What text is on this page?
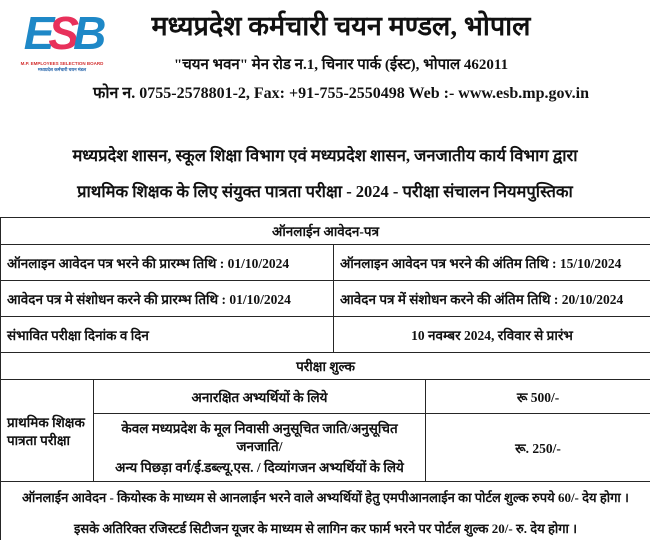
ESB
M.P. EMPLOYEES SELECTION BOARD
मध्यप्रदेश कर्मचारी चयन मंडल
मध्यप्रदेश कर्मचारी चयन मण्डल, भोपाल
"चयन भवन" मेन रोड न.1, चिनार पार्क (ईस्ट), भोपाल 462011
फोन न. 0755-2578801-2, Fax: +91-755-2550498 Web :- www.esb.mp.gov.in
मध्यप्रदेश शासन, स्कूल शिक्षा विभाग एवं मध्यप्रदेश शासन, जनजातीय कार्य विभाग द्वारा
प्राथमिक शिक्षक के लिए संयुक्त पात्रता परीक्षा - 2024 - परीक्षा संचालन नियमपुस्तिका
ऑनलाईन आवेदन-पत्र			
ऑनलाइन आवेदन पत्र भरने की प्रारम्भ तिथि : 01/10/2024		ऑनलाइन आवेदन पत्र भरने की अंतिम तिथि : 15/10/2024	
आवेदन पत्र मे संशोधन करने की प्रारम्भ तिथि : 01/10/2024		आवेदन पत्र में संशोधन करने की अंतिम तिथि : 20/10/2024	
संभावित परीक्षा दिनांक व दिन		10 नवम्बर 2024, रविवार से प्रारंभ	
परीक्षा शुल्क			
प्राथमिक शिक्षक पात्रता परीक्षा	अनारक्षित अभ्यर्थियों के लिये		रू 500/-

	केवल मध्यप्रदेश के मूल निवासी अनुसूचित जाति/अनुसूचित जनजाति/
अन्य पिछड़ा वर्ग/ई.डब्ल्यू.एस. / दिव्यांगजन अभ्यर्थियों के लिये		रू. 250/-

ऑनलाईन आवेदन - कियोस्क के माध्यम से आनलाईन भरने वाले अभ्यर्थियों हेतु एमपीआनलाईन का पोर्टल शुल्क रुपये 60/- देय होगा ।
इसके अतिरिक्त रजिस्टर्ड सिटीजन यूजर के माध्यम से लागिन कर फार्म भरने पर पोर्टल शुल्क 20/- रु. देय होगा ।			
